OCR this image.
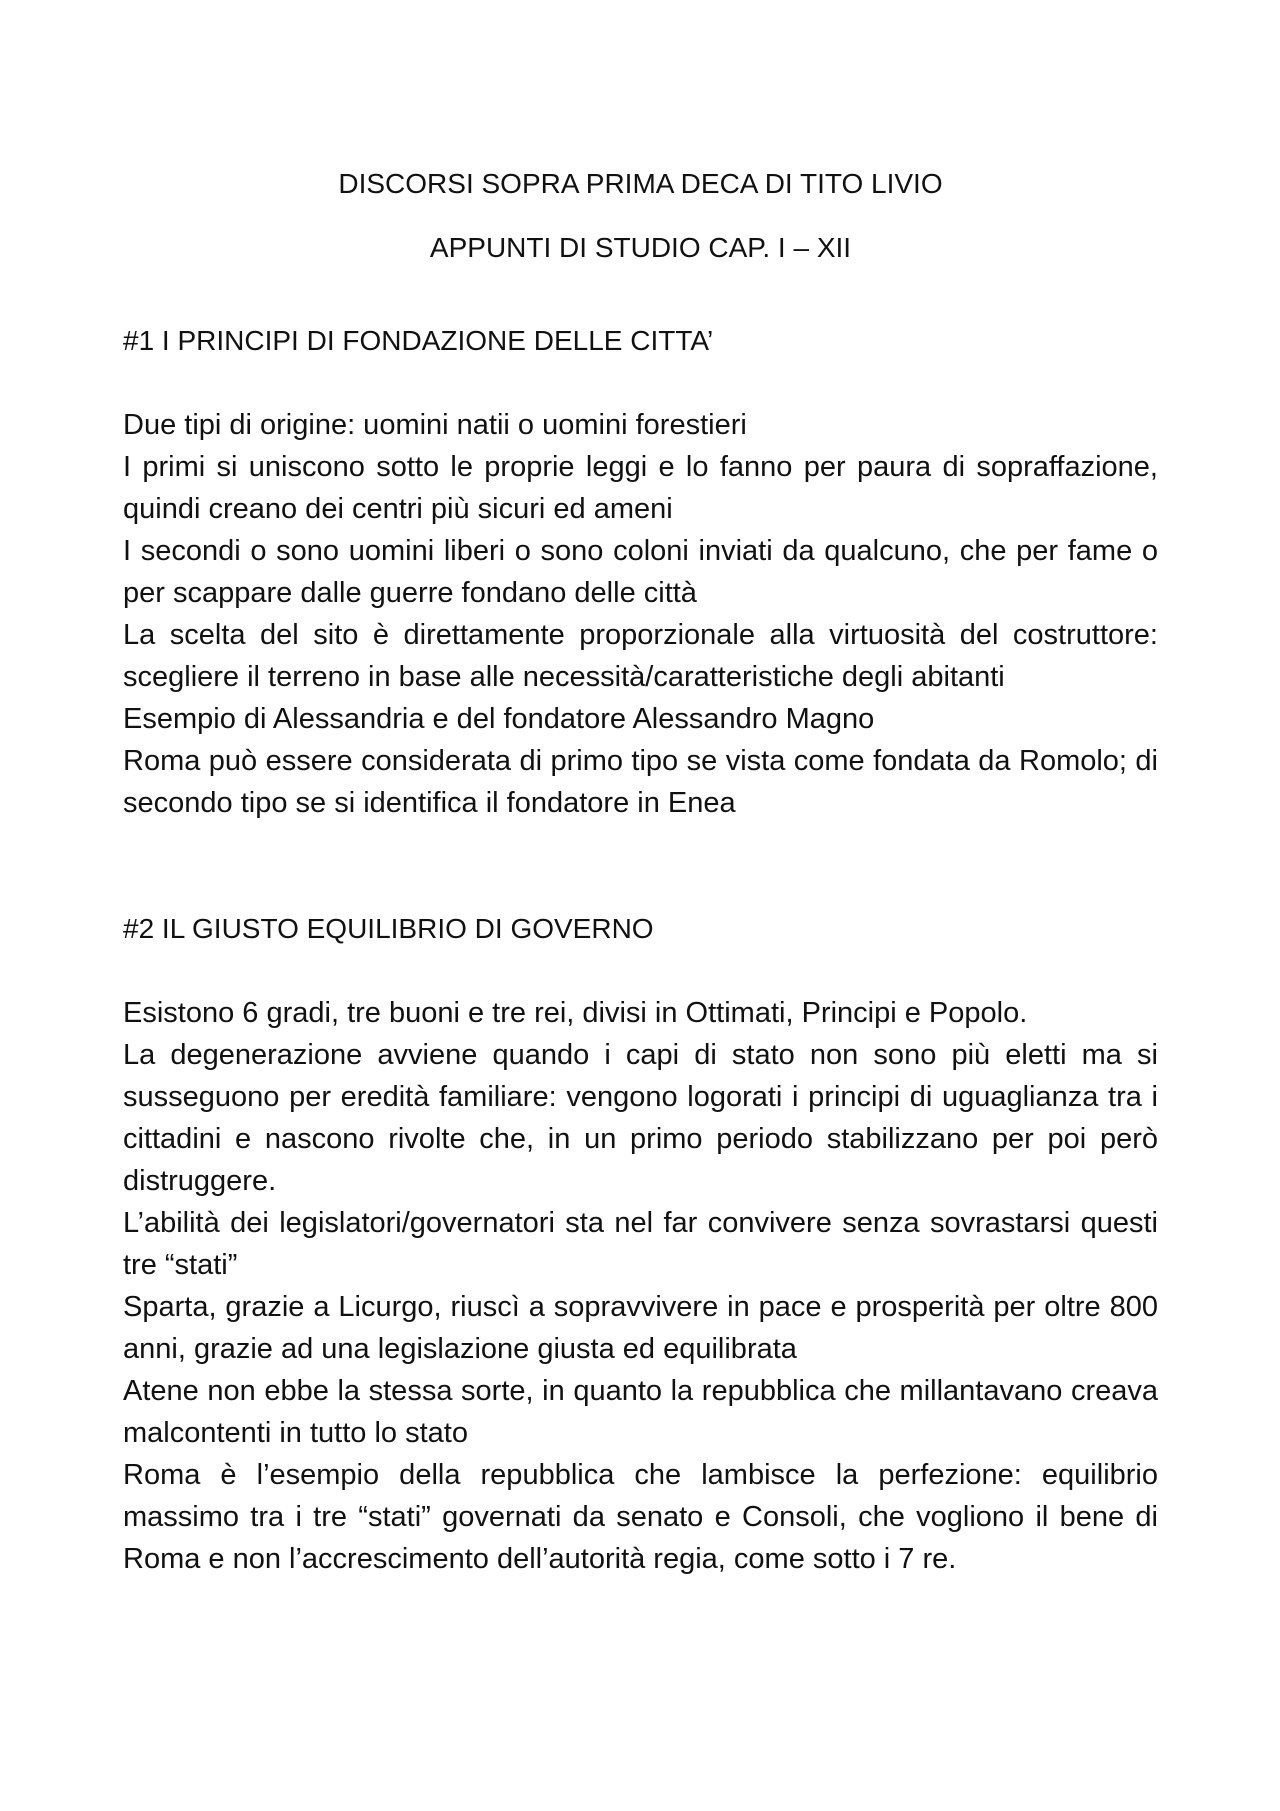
DISCORSI SOPRA PRIMA DECA DI TITO LIVIO
APPUNTI DI STUDIO CAP. I – XII
#1 I PRINCIPI DI FONDAZIONE DELLE CITTA’

Due tipi di origine: uomini natii o uomini forestieri

I primi si uniscono sotto le proprie leggi e lo fanno per paura di sopraffazione, quindi creano dei centri più sicuri ed ameni

I secondi o sono uomini liberi o sono coloni inviati da qualcuno, che per fame o per scappare dalle guerre fondano delle città

La scelta del sito è direttamente proporzionale alla virtuosità del costruttore: scegliere il terreno in base alle necessità/caratteristiche degli abitanti

Esempio di Alessandria e del fondatore Alessandro Magno

Roma può essere considerata di primo tipo se vista come fondata da Romolo; di secondo tipo se si identifica il fondatore in Enea

#2 IL GIUSTO EQUILIBRIO DI GOVERNO

Esistono 6 gradi, tre buoni e tre rei, divisi in Ottimati, Principi e Popolo.

La degenerazione avviene quando i capi di stato non sono più eletti ma si susseguono per eredità familiare: vengono logorati i principi di uguaglianza tra i cittadini e nascono rivolte che, in un primo periodo stabilizzano per poi però distruggere.

L’abilità dei legislatori/governatori sta nel far convivere senza sovrastarsi questi tre “stati”

Sparta, grazie a Licurgo, riuscì a sopravvivere in pace e prosperità per oltre 800 anni, grazie ad una legislazione giusta ed equilibrata

Atene non ebbe la stessa sorte, in quanto la repubblica che millantavano creava malcontenti in tutto lo stato

Roma è l’esempio della repubblica che lambisce la perfezione: equilibrio massimo tra i tre “stati” governati da senato e Consoli, che vogliono il bene di Roma e non l’accrescimento dell’autorità regia, come sotto i 7 re.
